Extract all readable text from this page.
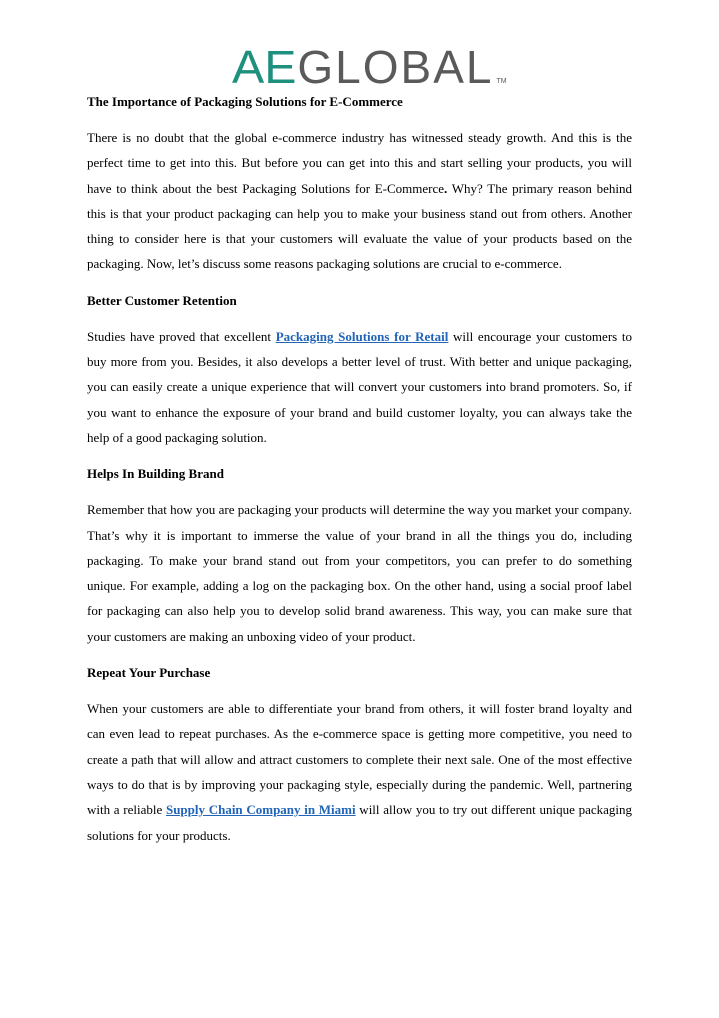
AE GLOBAL TM
The Importance of Packaging Solutions for E-Commerce

There is no doubt that the global e-commerce industry has witnessed steady growth. And this is the perfect time to get into this. But before you can get into this and start selling your products, you will have to think about the best Packaging Solutions for E-Commerce. Why? The primary reason behind this is that your product packaging can help you to make your business stand out from others. Another thing to consider here is that your customers will evaluate the value of your products based on the packaging. Now, let’s discuss some reasons packaging solutions are crucial to e-commerce.

Better Customer Retention

Studies have proved that excellent Packaging Solutions for Retail will encourage your customers to buy more from you. Besides, it also develops a better level of trust. With better and unique packaging, you can easily create a unique experience that will convert your customers into brand promoters. So, if you want to enhance the exposure of your brand and build customer loyalty, you can always take the help of a good packaging solution.

Helps In Building Brand

Remember that how you are packaging your products will determine the way you market your company. That’s why it is important to immerse the value of your brand in all the things you do, including packaging. To make your brand stand out from your competitors, you can prefer to do something unique. For example, adding a log on the packaging box. On the other hand, using a social proof label for packaging can also help you to develop solid brand awareness. This way, you can make sure that your customers are making an unboxing video of your product.

Repeat Your Purchase

When your customers are able to differentiate your brand from others, it will foster brand loyalty and can even lead to repeat purchases. As the e-commerce space is getting more competitive, you need to create a path that will allow and attract customers to complete their next sale. One of the most effective ways to do that is by improving your packaging style, especially during the pandemic. Well, partnering with a reliable Supply Chain Company in Miami will allow you to try out different unique packaging solutions for your products.
